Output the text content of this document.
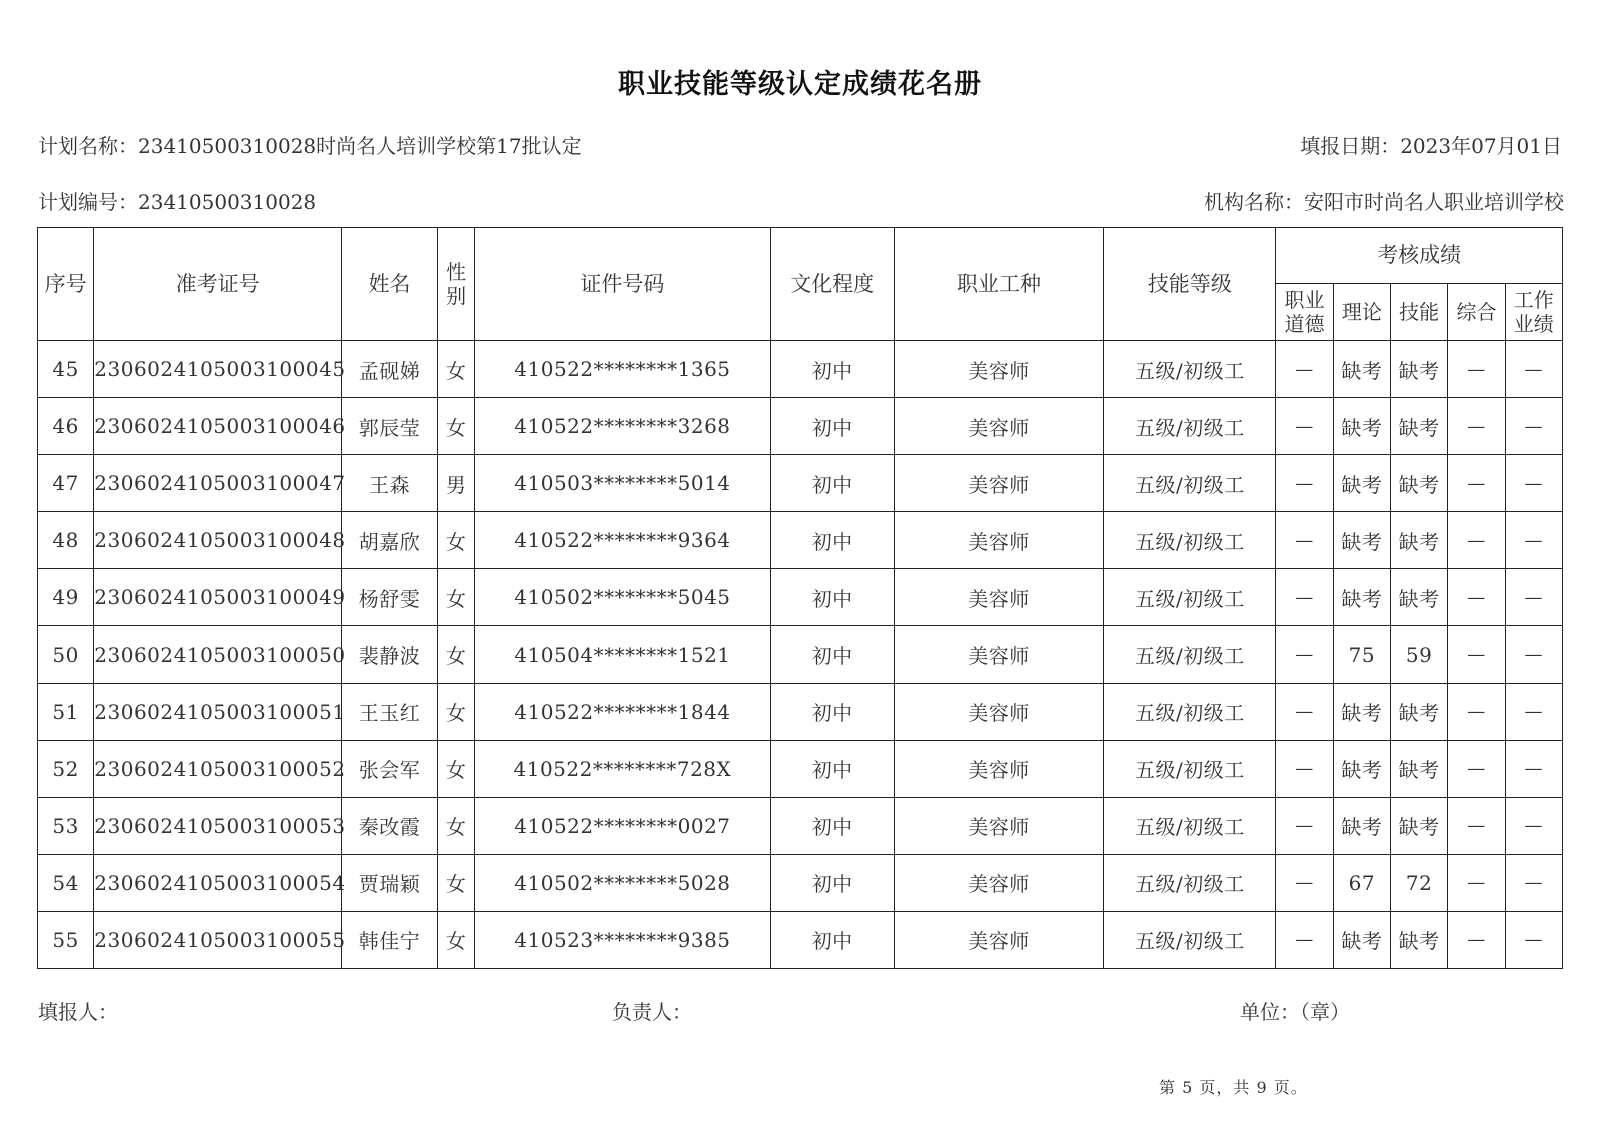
职业技能等级认定成绩花名册
计划名称：23410500310028时尚名人培训学校第17批认定	填报日期：2023年07月01日
计划编号：23410500310028	机构名称：安阳市时尚名人职业培训学校
序号	准考证号	姓名	性别	证件号码	文化程度	职业工种	技能等级	考核成绩				
								职业道德	理论	技能	综合	工作业绩
45	2306024105003100045	孟砚娣	女	410522********1365	初中	美容师	五级/初级工	—	缺考	缺考	—	—
46	2306024105003100046	郭辰莹	女	410522********3268	初中	美容师	五级/初级工	—	缺考	缺考	—	—
47	2306024105003100047	王森	男	410503********5014	初中	美容师	五级/初级工	—	缺考	缺考	—	—
48	2306024105003100048	胡嘉欣	女	410522********9364	初中	美容师	五级/初级工	—	缺考	缺考	—	—
49	2306024105003100049	杨舒雯	女	410502********5045	初中	美容师	五级/初级工	—	缺考	缺考	—	—
50	2306024105003100050	裴静波	女	410504********1521	初中	美容师	五级/初级工	—	75	59	—	—
51	2306024105003100051	王玉红	女	410522********1844	初中	美容师	五级/初级工	—	缺考	缺考	—	—
52	2306024105003100052	张会军	女	410522********728X	初中	美容师	五级/初级工	—	缺考	缺考	—	—
53	2306024105003100053	秦改霞	女	410522********0027	初中	美容师	五级/初级工	—	缺考	缺考	—	—
54	2306024105003100054	贾瑞颖	女	410502********5028	初中	美容师	五级/初级工	—	67	72	—	—
55	2306024105003100055	韩佳宁	女	410523********9385	初中	美容师	五级/初级工	—	缺考	缺考	—	—
填报人：	负责人：	单位：（章）
第 5 页，共 9 页。
